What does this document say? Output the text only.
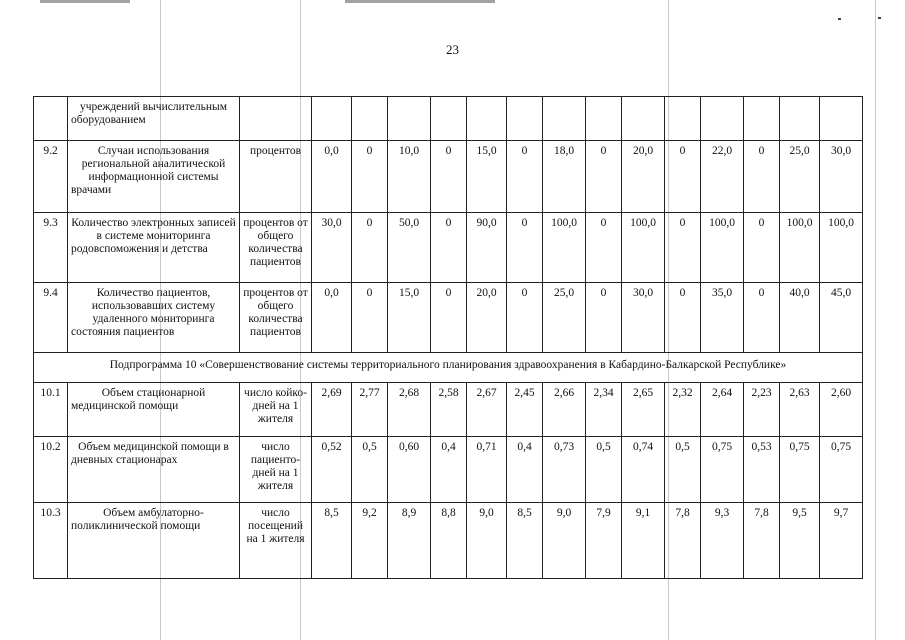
23
	учреждений вычислительным оборудованием															
9.2	Случаи использования региональной аналитической информационной системы врачами	процентов	0,0	0	10,0	0	15,0	0	18,0	0	20,0	0	22,0	0	25,0	30,0
9.3	Количество электронных записей в системе мониторинга родовспоможения и детства	процентов от общего количества пациентов	30,0	0	50,0	0	90,0	0	100,0	0	100,0	0	100,0	0	100,0	100,0
9.4	Количество пациентов, использовавших систему удаленного мониторинга состояния пациентов	процентов от общего количества пациентов	0,0	0	15,0	0	20,0	0	25,0	0	30,0	0	35,0	0	40,0	45,0
Подпрограмма 10 «Совершенствование системы территориального планирования здравоохранения в Кабардино-Балкарской Республике»																
10.1	Объем стационарной медицинской помощи	число койко-дней на 1 жителя	2,69	2,77	2,68	2,58	2,67	2,45	2,66	2,34	2,65	2,32	2,64	2,23	2,63	2,60
10.2	Объем медицинской помощи в дневных стационарах	число пациенто-дней на 1 жителя	0,52	0,5	0,60	0,4	0,71	0,4	0,73	0,5	0,74	0,5	0,75	0,53	0,75	0,75
10.3	Объем амбулаторно-поликлинической помощи	число посещений на 1 жителя	8,5	9,2	8,9	8,8	9,0	8,5	9,0	7,9	9,1	7,8	9,3	7,8	9,5	9,7
